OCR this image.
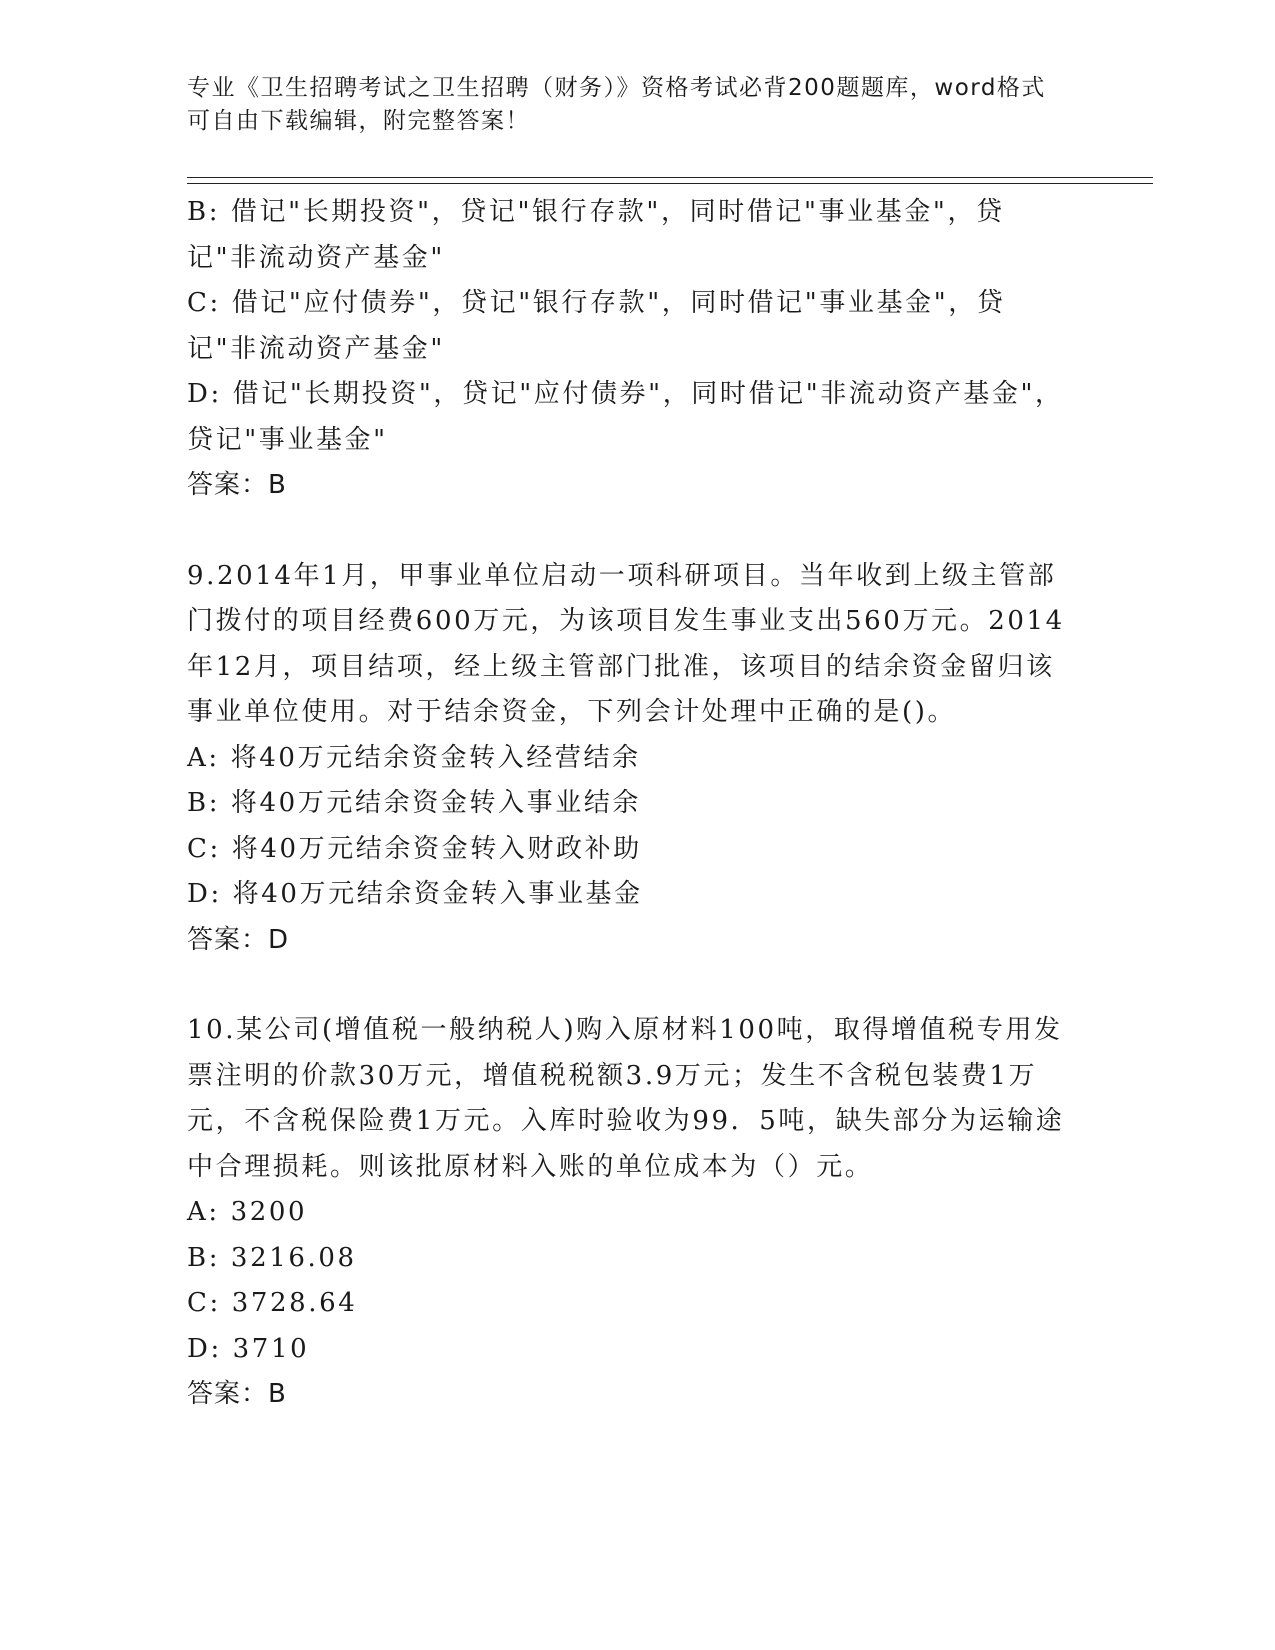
专业《卫生招聘考试之卫生招聘（财务）》资格考试必背200题题库，word格式
可自由下载编辑，附完整答案！

B: 借记"长期投资"，贷记"银行存款"，同时借记"事业基金"，贷记"非流动资产基金"

C: 借记"应付债券"，贷记"银行存款"，同时借记"事业基金"，贷记"非流动资产基金"

D: 借记"长期投资"，贷记"应付债券"，同时借记"非流动资产基金"，贷记"事业基金"

答案：B

9.2014年1月，甲事业单位启动一项科研项目。当年收到上级主管部门拨付的项目经费600万元，为该项目发生事业支出560万元。2014年12月，项目结项，经上级主管部门批准，该项目的结余资金留归该事业单位使用。对于结余资金，下列会计处理中正确的是()。

A: 将40万元结余资金转入经营结余

B: 将40万元结余资金转入事业结余

C: 将40万元结余资金转入财政补助

D: 将40万元结余资金转入事业基金

答案：D

10.某公司(增值税一般纳税人)购入原材料100吨，取得增值税专用发票注明的价款30万元，增值税税额3.9万元；发生不含税包装费1万元，不含税保险费1万元。入库时验收为99．5吨，缺失部分为运输途中合理损耗。则该批原材料入账的单位成本为（）元。

A: 3200

B: 3216.08

C: 3728.64

D: 3710

答案：B
